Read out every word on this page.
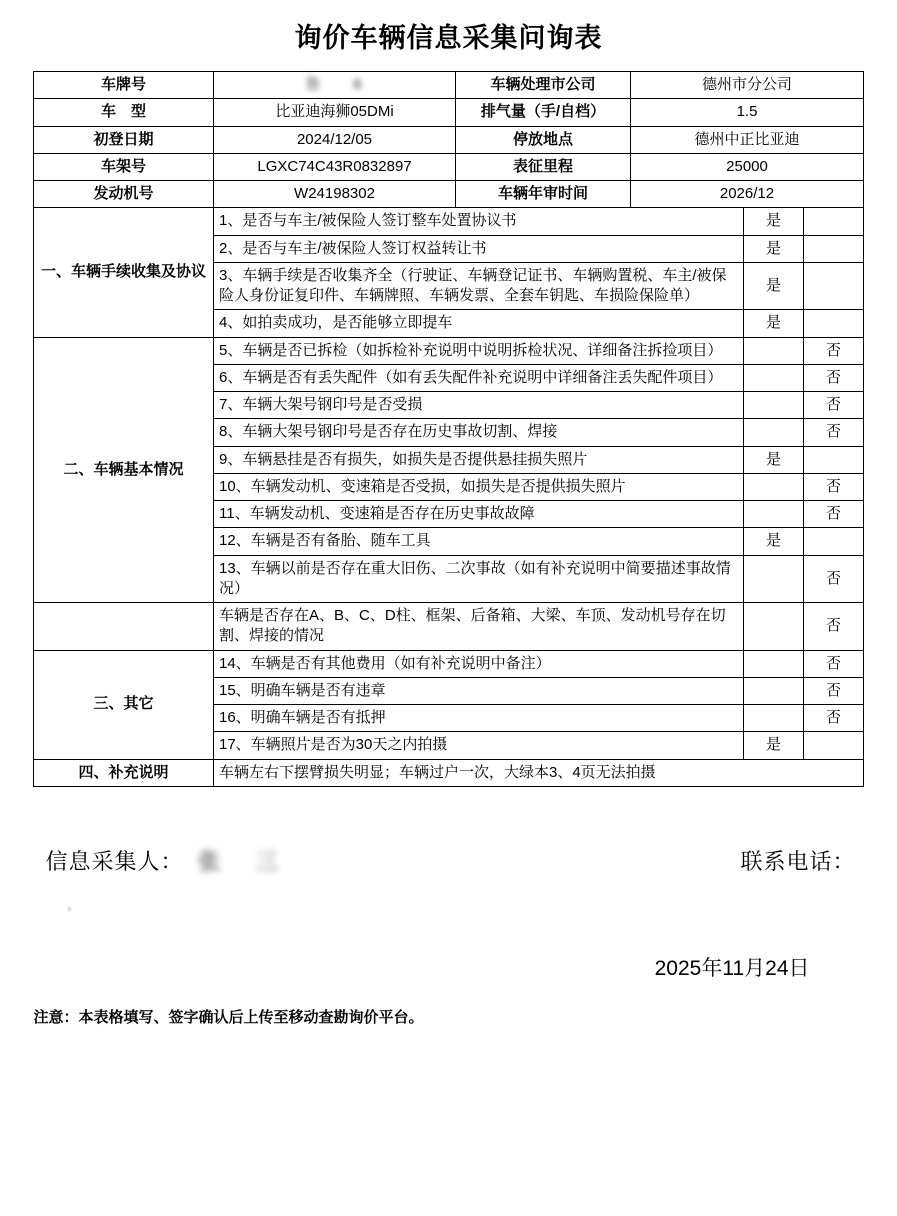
询价车辆信息采集问询表
车牌号	鲁     6	车辆处理市公司	德州市分公司
车　型	比亚迪海狮05DMi	排气量（手/自档）	1.5
初登日期	2024/12/05	停放地点	德州中正比亚迪
车架号	LGXC74C43R0832897	表征里程	25000
发动机号	W24198302	车辆年审时间	2026/12
一、车辆手续收集及协议	1、是否与车主/被保险人签订整车处置协议书	是	
	2、是否与车主/被保险人签订权益转让书	是	
	3、车辆手续是否收集齐全（行驶证、车辆登记证书、车辆购置税、车主/被保险人身份证复印件、车辆牌照、车辆发票、全套车钥匙、车损险保险单）	是	
	4、如拍卖成功，是否能够立即提车	是	
二、车辆基本情况	5、车辆是否已拆检（如拆检补充说明中说明拆检状况、详细备注拆捡项目）		否
	6、车辆是否有丢失配件（如有丢失配件补充说明中详细备注丢失配件项目）		否
	7、车辆大架号钢印号是否受损		否
	8、车辆大架号钢印号是否存在历史事故切割、焊接		否
	9、车辆悬挂是否有损失，如损失是否提供悬挂损失照片	是	
	10、车辆发动机、变速箱是否受损，如损失是否提供损失照片		否
	11、车辆发动机、变速箱是否存在历史事故故障		否
	12、车辆是否有备胎、随车工具	是	
	13、车辆以前是否存在重大旧伤、二次事故（如有补充说明中简要描述事故情况）		否
	车辆是否存在A、B、C、D柱、框架、后备箱、大梁、车顶、发动机号存在切割、焊接的情况		否
三、其它	14、车辆是否有其他费用（如有补充说明中备注）		否
	15、明确车辆是否有违章		否
	16、明确车辆是否有抵押		否
	17、车辆照片是否为30天之内拍摄	是	
四、补充说明	车辆左右下摆臂损失明显；车辆过户一次，大绿本3、4页无法拍摄		
信息采集人： 张 三
,
联系电话：
2025年11月24日
注意：本表格填写、签字确认后上传至移动查勘询价平台。
